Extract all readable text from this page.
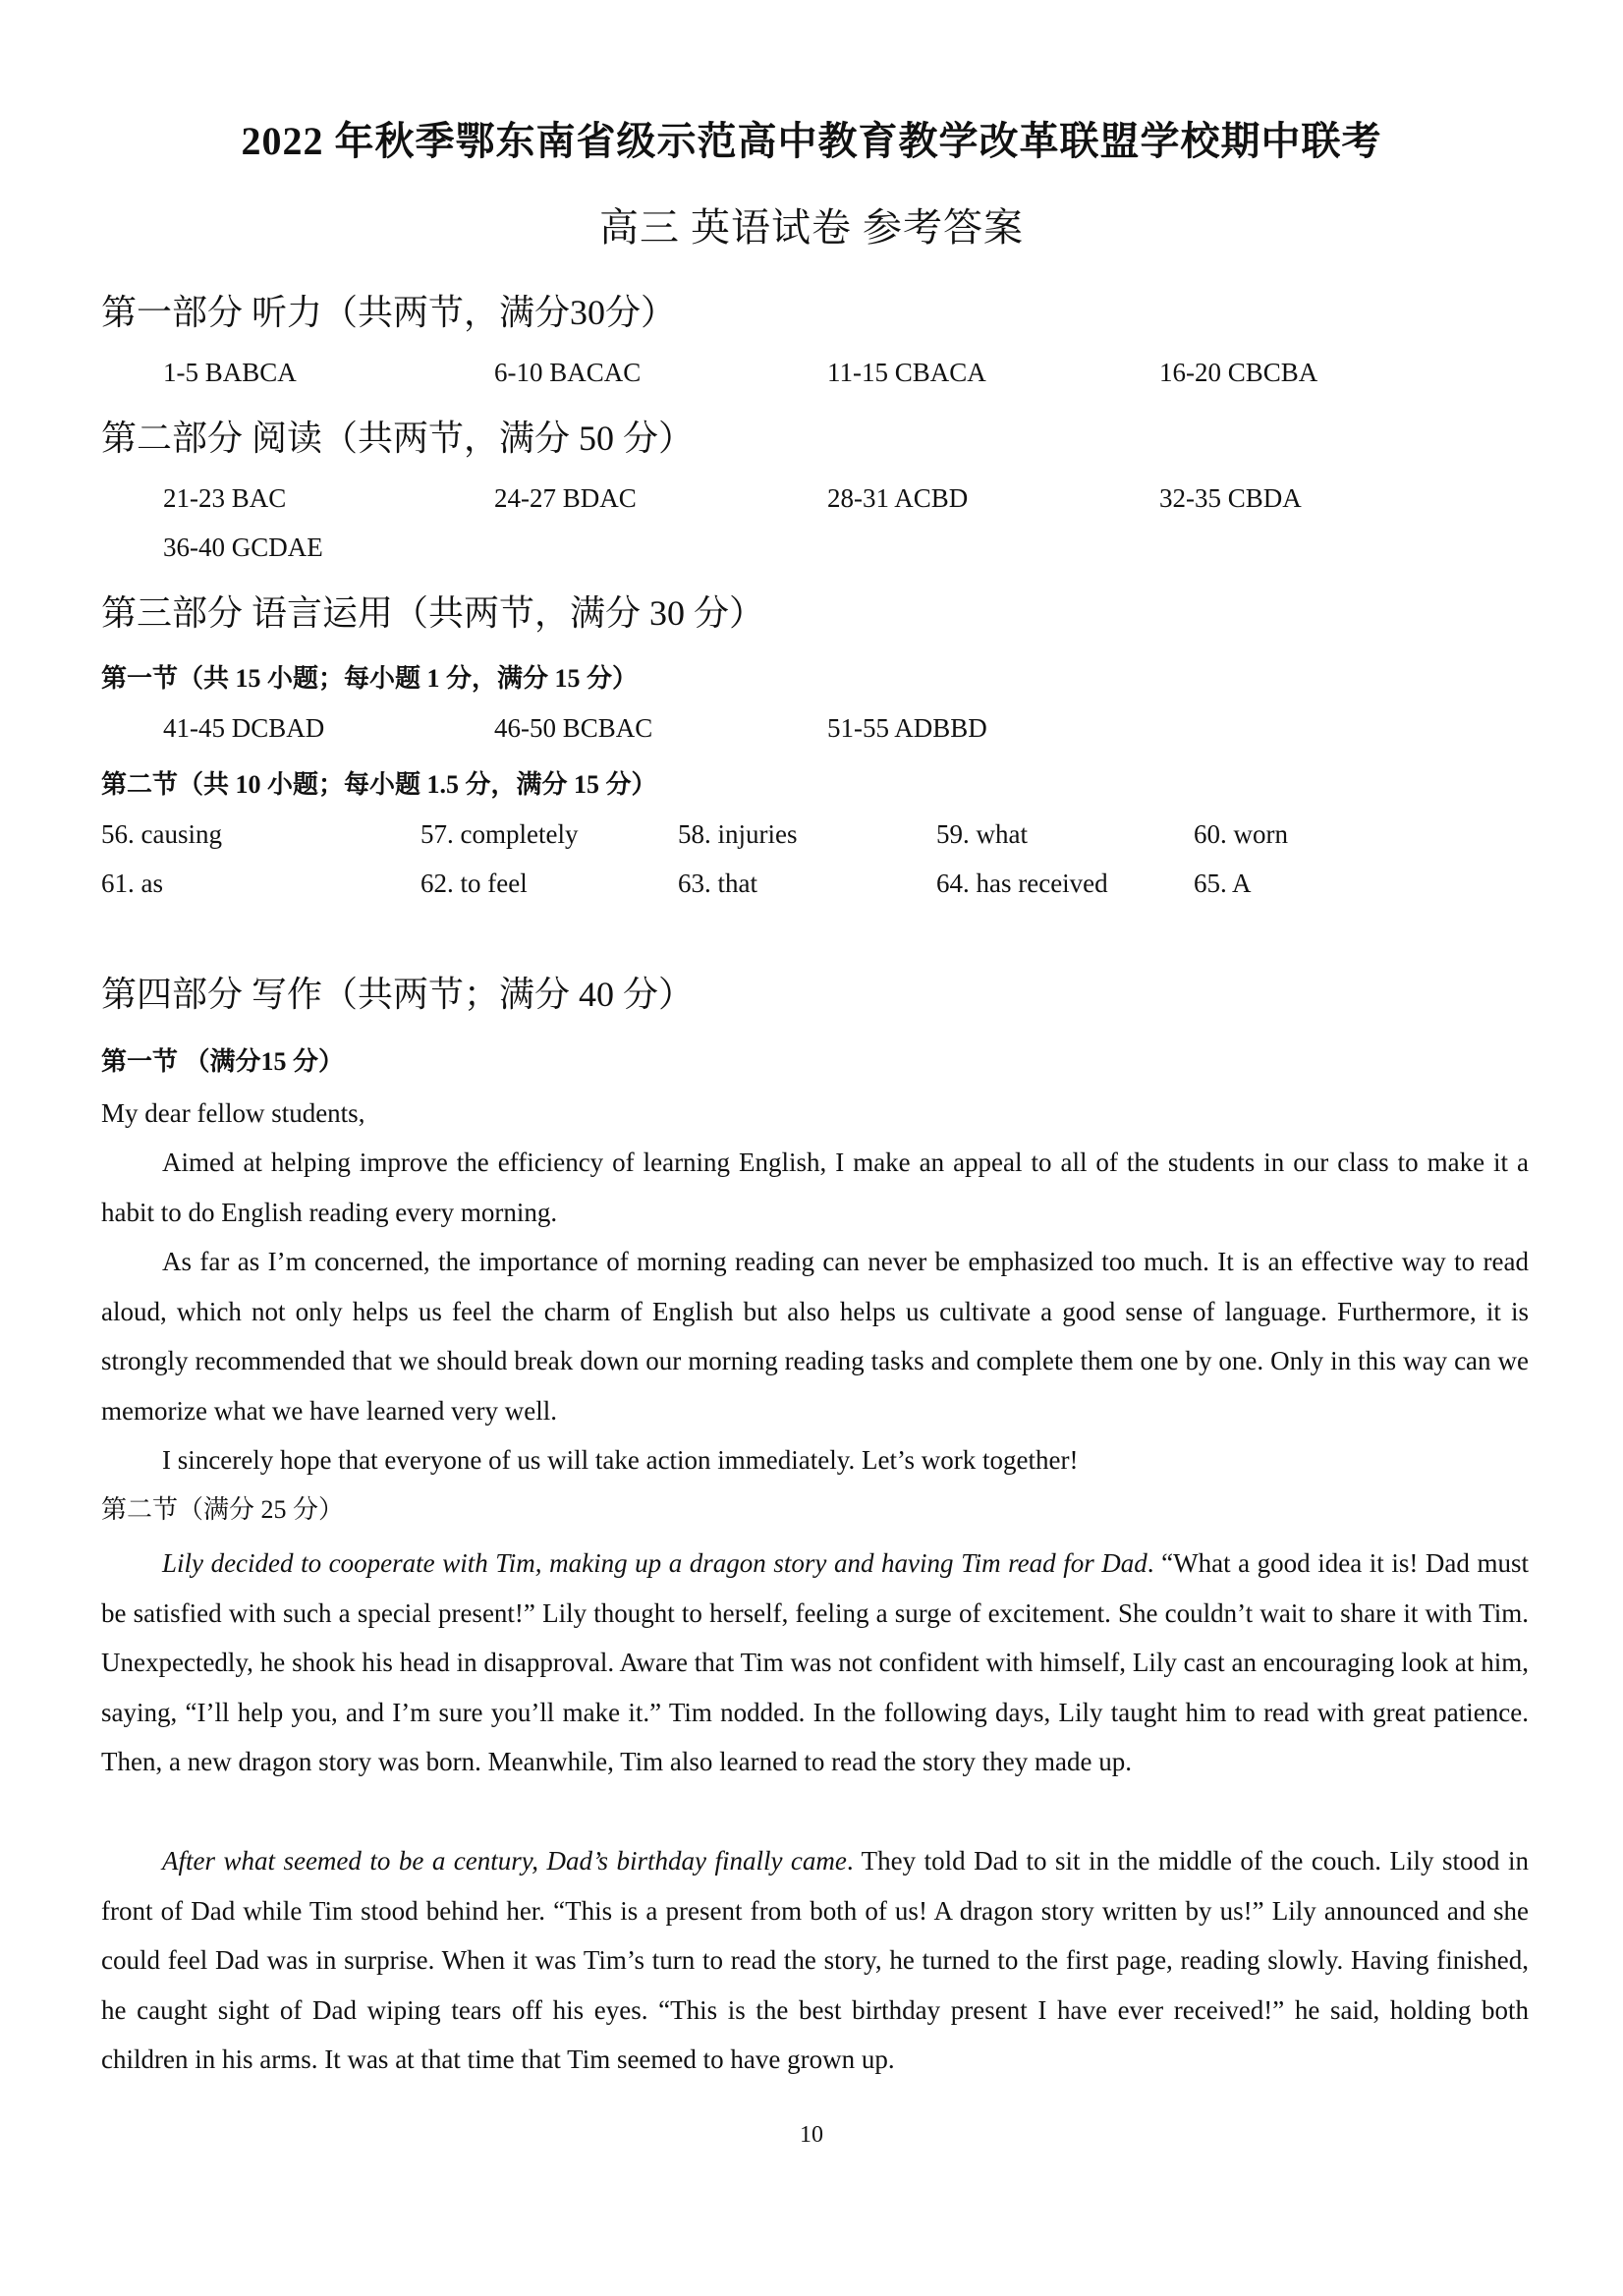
2022 年秋季鄂东南省级示范高中教育教学改革联盟学校期中联考
高三 英语试卷 参考答案
第一部分 听力（共两节，满分30分）
1-5 BABCA	6-10 BACAC	11-15 CBACA	16-20 CBCBA
第二部分 阅读（共两节，满分 50 分）
21-23 BAC	24-27 BDAC	28-31 ACBD	32-35 CBDA
36-40 GCDAE
第三部分 语言运用（共两节，满分 30 分）
第一节（共 15 小题；每小题 1 分，满分 15 分）
41-45 DCBAD	46-50 BCBAC	51-55 ADBBD
第二节（共 10 小题；每小题 1.5 分，满分 15 分）
56. causing	57. completely	58. injuries	59. what	60. worn
61. as	62. to feel	63. that	64. has received	65. A
第四部分 写作（共两节；满分 40 分）
第一节 （满分15 分）
My dear fellow students,
Aimed at helping improve the efficiency of learning English, I make an appeal to all of the students in our class to make it a habit to do English reading every morning.
As far as I’m concerned, the importance of morning reading can never be emphasized too much. It is an effective way to read aloud, which not only helps us feel the charm of English but also helps us cultivate a good sense of language. Furthermore, it is strongly recommended that we should break down our morning reading tasks and complete them one by one. Only in this way can we memorize what we have learned very well.
I sincerely hope that everyone of us will take action immediately. Let’s work together!
第二节（满分 25 分）
Lily decided to cooperate with Tim, making up a dragon story and having Tim read for Dad. “What a good idea it is! Dad must be satisfied with such a special present!” Lily thought to herself, feeling a surge of excitement. She couldn’t wait to share it with Tim. Unexpectedly, he shook his head in disapproval. Aware that Tim was not confident with himself, Lily cast an encouraging look at him, saying, “I’ll help you, and I’m sure you’ll make it.” Tim nodded. In the following days, Lily taught him to read with great patience. Then, a new dragon story was born. Meanwhile, Tim also learned to read the story they made up.
After what seemed to be a century, Dad’s birthday finally came. They told Dad to sit in the middle of the couch. Lily stood in front of Dad while Tim stood behind her. “This is a present from both of us! A dragon story written by us!” Lily announced and she could feel Dad was in surprise. When it was Tim’s turn to read the story, he turned to the first page, reading slowly. Having finished, he caught sight of Dad wiping tears off his eyes. “This is the best birthday present I have ever received!” he said, holding both children in his arms. It was at that time that Tim seemed to have grown up.
10
